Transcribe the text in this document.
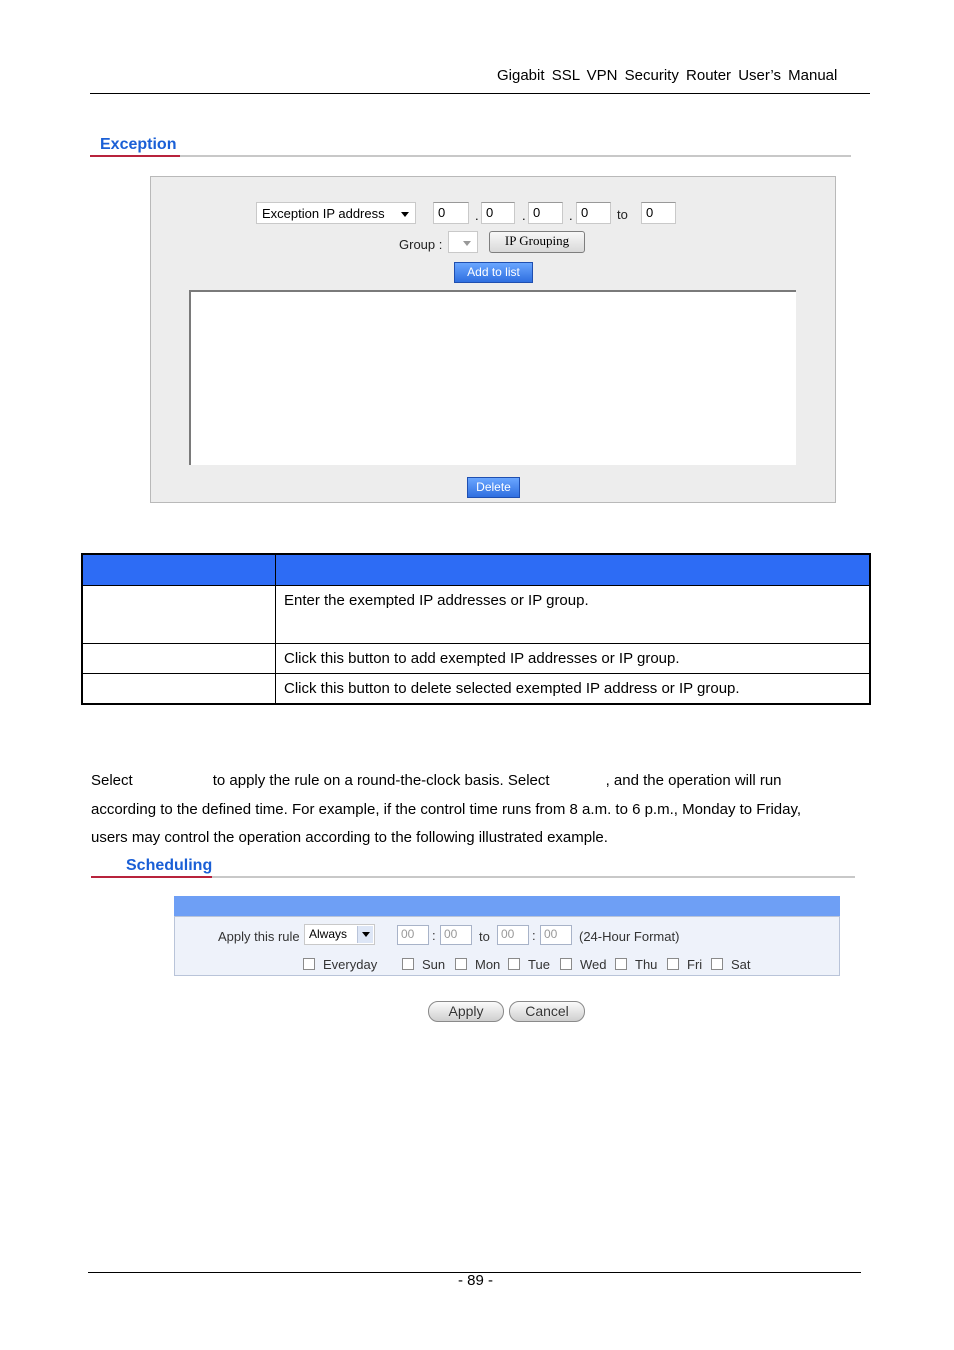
Gigabit SSL VPN Security Router User’s Manual
Exception
Exception IP address	0	. 0	. 0	. 0	to	0
Group :	IP Grouping
Add to list
Delete

	Enter the exempted IP addresses or IP group.
	Click this button to add exempted IP addresses or IP group.
	Click this button to delete selected exempted IP address or IP group.
Select	to apply the rule on a round-the-clock basis. Select	, and the operation will run
according to the defined time. For example, if the control time runs from 8 a.m. to 6 p.m., Monday to Friday,
users may control the operation according to the following illustrated example.
Scheduling
Apply this rule Always	00	: 00	to 00	: 00	(24-Hour Format)
Everyday	Sun Mon Tue Wed Thu Fri Sat
Apply	Cancel
- 89 -
